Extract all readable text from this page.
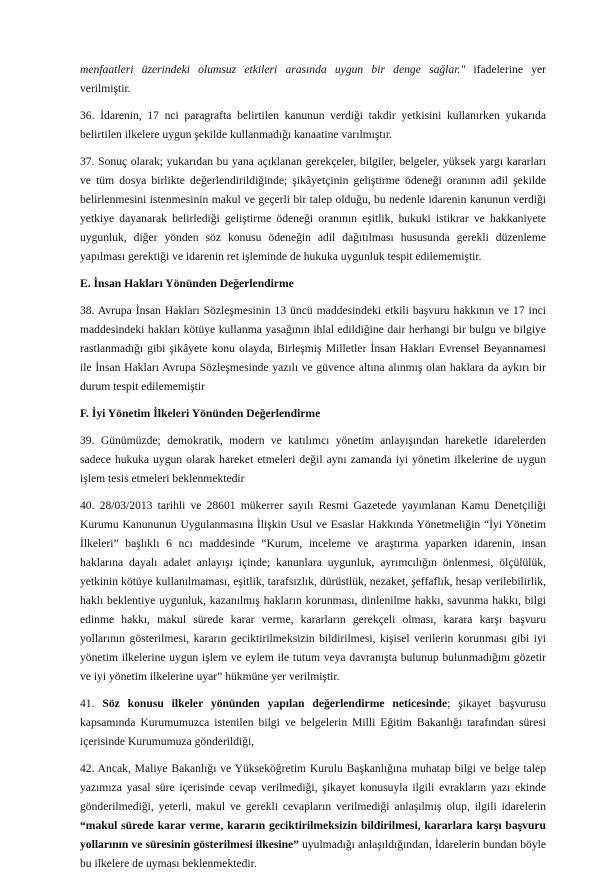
menfaatleri üzerindeki olumsuz etkileri arasında uygun bir denge sağlar." ifadelerine yer verilmiştir.

36. İdarenin, 17 nci paragrafta belirtilen kanunun verdiği takdir yetkisini kullanırken yukarıda belirtilen ilkelere uygun şekilde kullanmadığı kanaatine varılmıştır.

37. Sonuç olarak; yukarıdan bu yana açıklanan gerekçeler, bilgiler, belgeler, yüksek yargı kararları ve tüm dosya birlikte değerlendirildiğinde; şikâyetçinin geliştirme ödeneği oranının adil şekilde belirlenmesini istenmesinin makul ve geçerli bir talep olduğu, bu nedenle idarenin kanunun verdiği yetkiye dayanarak belirlediği geliştirme ödeneği oranının eşitlik, hukuki istikrar ve hakkaniyete uygunluk, diğer yönden söz konusu ödeneğin adil dağıtılması hususunda gerekli düzenleme yapılması gerektiği ve idarenin ret işleminde de hukuka uygunluk tespit edilememiştir.

E. İnsan Hakları Yönünden Değerlendirme

38. Avrupa İnsan Hakları Sözleşmesinin 13 üncü maddesindeki etkili başvuru hakkının ve 17 inci maddesindeki hakları kötüye kullanma yasağının ihlal edildiğine dair herhangi bir bulgu ve bilgiye rastlanmadığı gibi şikâyete konu olayda, Birleşmiş Milletler İnsan Hakları Evrensel Beyannamesi ile İnsan Hakları Avrupa Sözleşmesinde yazılı ve güvence altına alınmış olan haklara da aykırı bir durum tespit edilememiştir

F. İyi Yönetim İlkeleri Yönünden Değerlendirme

39. Günümüzde; demokratik, modern ve katılımcı yönetim anlayışından hareketle idarelerden sadece hukuka uygun olarak hareket etmeleri değil aynı zamanda iyi yönetim ilkelerine de uygun işlem tesis etmeleri beklenmektedir

40. 28/03/2013 tarihli ve 28601 mükerrer sayılı Resmi Gazetede yayımlanan Kamu Denetçiliği Kurumu Kanununun Uygulanmasına İlişkin Usul ve Esaslar Hakkında Yönetmeliğin “İyi Yönetim İlkeleri” başlıklı 6 ncı maddesinde “Kurum, inceleme ve araştırma yaparken idarenin, insan haklarına dayalı adalet anlayışı içinde; kanunlara uygunluk, ayrımcılığın önlenmesi, ölçülülük, yetkinin kötüye kullanılmaması, eşitlik, tarafsızlık, dürüstlük, nezaket, şeffaflık, hesap verilebilirlik, haklı beklentiye uygunluk, kazanılmış hakların korunması, dinlenilme hakkı, savunma hakkı, bilgi edinme hakkı, makul sürede karar verme, kararların gerekçeli olması, karara karşı başvuru yollarının gösterilmesi, kararın geciktirilmeksizin bildirilmesi, kişisel verilerin korunması gibi iyi yönetim ilkelerine uygun işlem ve eylem ile tutum veya davranışta bulunup bulunmadığını gözetir ve iyi yönetim ilkelerine uyar” hükmüne yer verilmiştir.

41. Söz konusu ilkeler yönünden yapılan değerlendirme neticesinde; şikayet başvurusu kapsamında Kurumumuzca istenilen bilgi ve belgelerin Milli Eğitim Bakanlığı tarafından süresi içerisinde Kurumumuza gönderildiği,

42. Ancak, Maliye Bakanlığı ve Yükseköğretim Kurulu Başkanlığına muhatap bilgi ve belge talep yazımıza yasal süre içerisinde cevap verilmediği, şikayet konusuyla ilgili evrakların yazı ekinde gönderilmediği, yeterli, makul ve gerekli cevapların verilmediği anlaşılmış olup, ilgili idarelerin “makul sürede karar verme, kararın geciktirilmeksizin bildirilmesi, kararlara karşı başvuru yollarının ve süresinin gösterilmesi ilkesine” uyulmadığı anlaşıldığından, İdarelerin bundan böyle bu ilkelere de uyması beklenmektedir.
